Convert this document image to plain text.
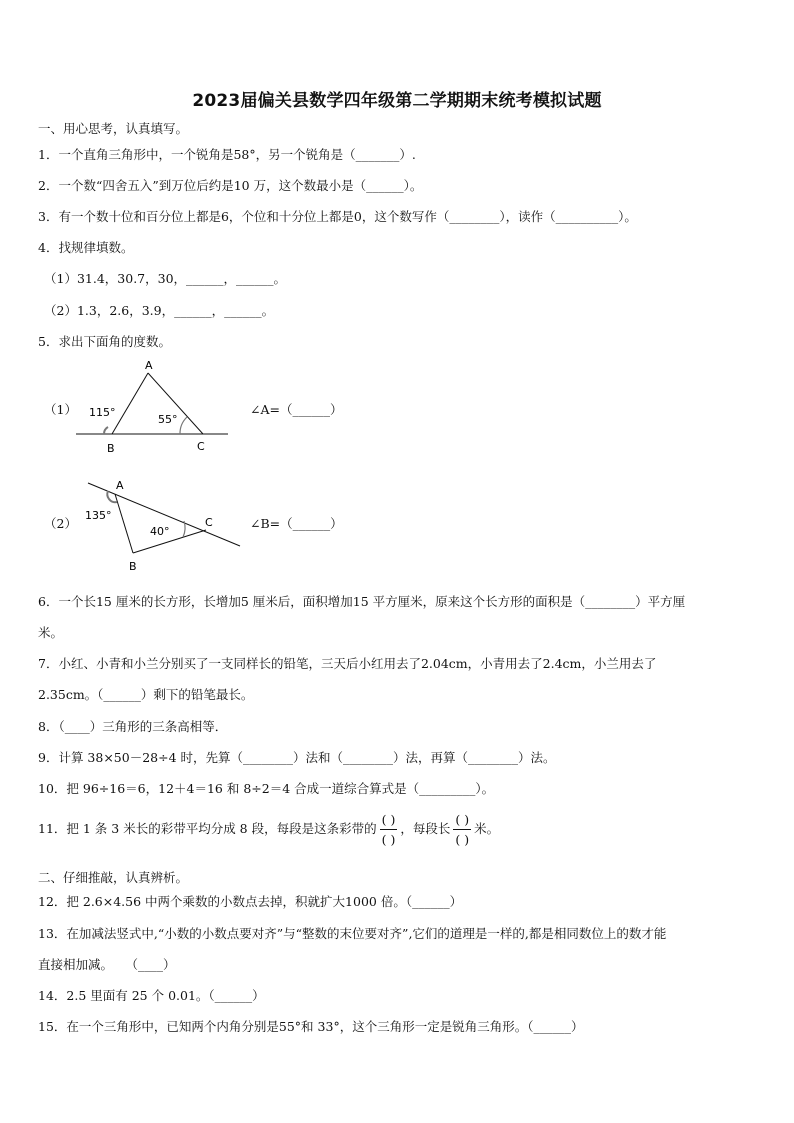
2023届偏关县数学四年级第二学期期末统考模拟试题
一、用心思考，认真填写。
1．一个直角三角形中，一个锐角是58°，另一个锐角是（_______）.
2．一个数“四舍五入”到万位后约是10 万，这个数最小是（______）。
3．有一个数十位和百分位上都是6，个位和十分位上都是0，这个数写作（________），读作（__________）。
4．找规律填数。
（1）31.4，30.7，30，______，______。
（2）1.3，2.6，3.9，______，______。
5．求出下面角的度数。
（1）
A
B	C
115°
55°
∠A=（______）
（2）
A
B
C
135°
40°
∠B=（______）
6．一个长15 厘米的长方形，长增加5 厘米后，面积增加15 平方厘米，原来这个长方形的面积是（________）平方厘
米。
7．小红、小青和小兰分别买了一支同样长的铅笔，三天后小红用去了2.04cm，小青用去了2.4cm，小兰用去了
2.35cm。（______）剩下的铅笔最长。
8．（____）三角形的三条高相等．
9．计算 38×50－28÷4 时，先算（________）法和（________）法，再算（________）法。
10．把 96÷16＝6，12＋4＝16 和 8÷2＝4 合成一道综合算式是（_________）。
11．把 1 条 3 米长的彩带平均分成 8 段，每段是这条彩带的 $\frac{( )}{( )}$ ，每段长 $\frac{( )}{( )}$ 米。
二、仔细推敲，认真辨析。
12．把 2.6×4.56 中两个乘数的小数点去掉，积就扩大1000 倍。（______）
13．在加减法竖式中,“小数的小数点要对齐”与“整数的末位要对齐”,它们的道理是一样的,都是相同数位上的数才能
直接相加减。　　（____）
14．2.5 里面有 25 个 0.01。（______）
15．在一个三角形中，已知两个内角分别是55°和 33°，这个三角形一定是锐角三角形。（______）
